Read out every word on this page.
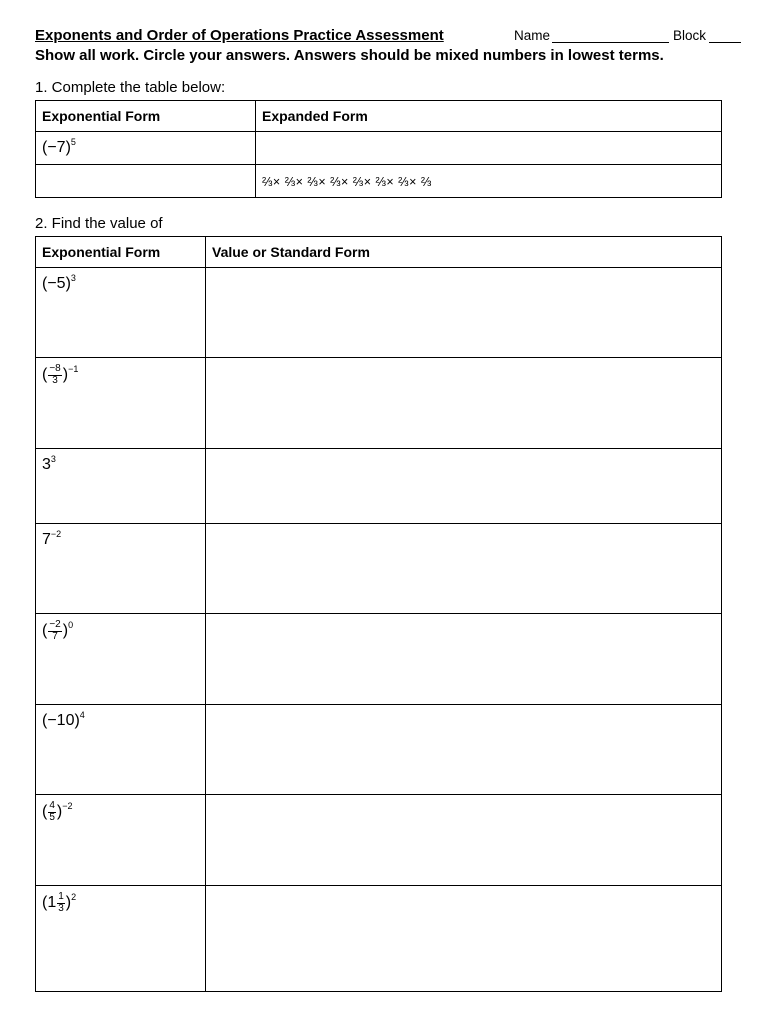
Exponents and Order of Operations Practice Assessment	Name	Block
Show all work. Circle your answers. Answers should be mixed numbers in lowest terms.
1. Complete the table below:
Exponential Form	Expanded Form
$(-7)^5$	
	⅔× ⅔× ⅔× ⅔× ⅔× ⅔× ⅔× ⅔
2. Find the value of
Exponential Form	Value or Standard Form
$(-5)^3$	
( $\frac{-8}{3} )^{-1}$	
$3^3$	
$7^{-2}$	
( $\frac{-2}{7} )^0$	
$(-10)^4$	
( $\frac{4}{5} )^{-2}$	
$(1 \frac{1}{3} )^2$	
